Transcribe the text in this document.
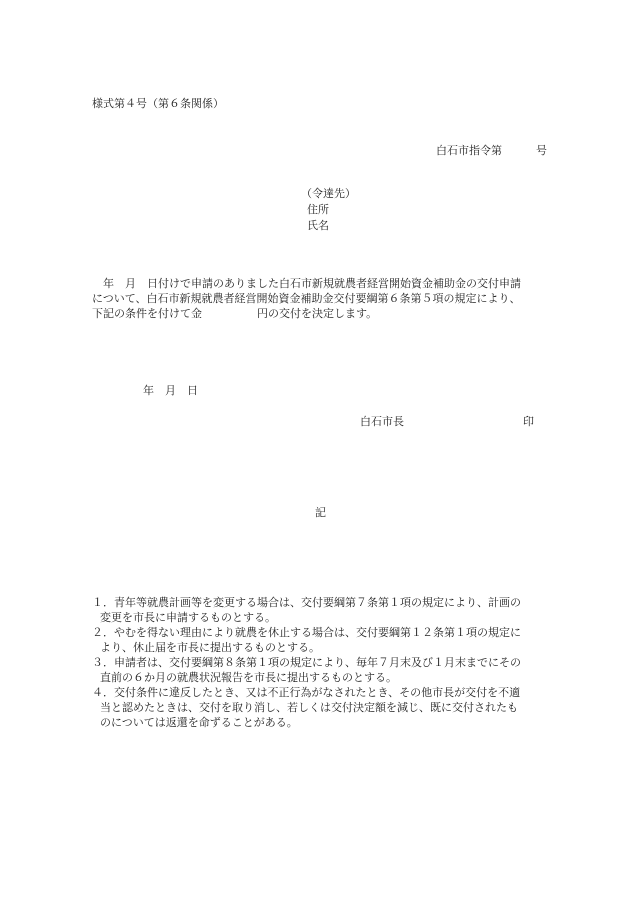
様式第４号（第６条関係）
白石市指令第	号
（令達先）
住所
氏名
　年　月　日付けで申請のありました白石市新規就農者経営開始資金補助金の交付申請
について、白石市新規就農者経営開始資金補助金交付要綱第６条第５項の規定により、
下記の条件を付けて金　　　　　円の交付を決定します。
年　月　日
白石市長	印
記
１．青年等就農計画等を変更する場合は、交付要綱第７条第１項の規定により、計画の
変更を市長に申請するものとする。
２．やむを得ない理由により就農を休止する場合は、交付要綱第１２条第１項の規定に
より、休止届を市長に提出するものとする。
３．申請者は、交付要綱第８条第１項の規定により、毎年７月末及び１月末までにその
直前の６か月の就農状況報告を市長に提出するものとする。
４．交付条件に違反したとき、又は不正行為がなされたとき、その他市長が交付を不適
当と認めたときは、交付を取り消し、若しくは交付決定額を減じ、既に交付されたも
のについては返還を命ずることがある。
